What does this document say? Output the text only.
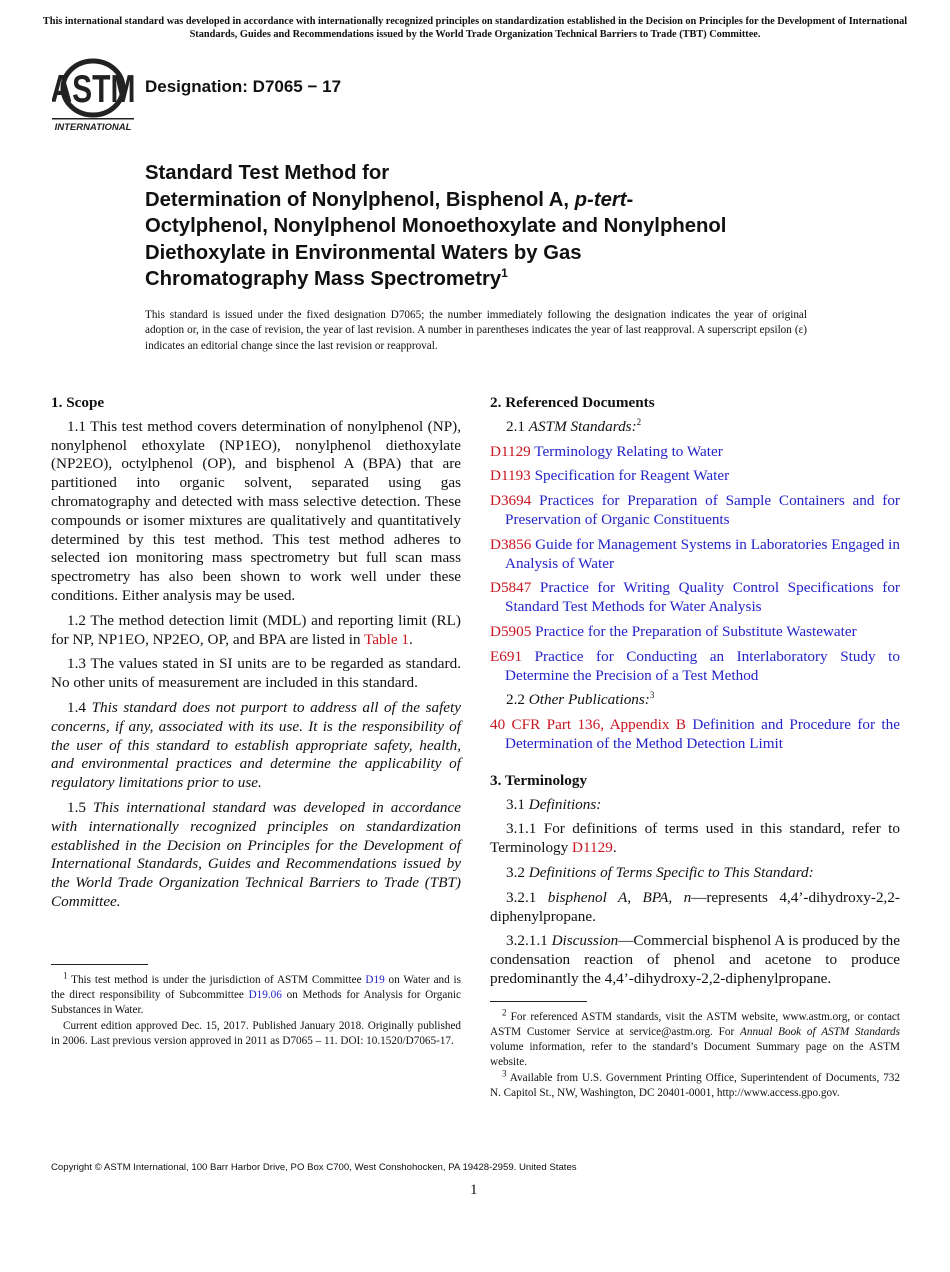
This international standard was developed in accordance with internationally recognized principles on standardization established in the Decision on Principles for the Development of International Standards, Guides and Recommendations issued by the World Trade Organization Technical Barriers to Trade (TBT) Committee.
ASTM
INTERNATIONAL
Designation: D7065 − 17
Standard Test Method for
Determination of Nonylphenol, Bisphenol A, p-tert-
Octylphenol, Nonylphenol Monoethoxylate and Nonylphenol
Diethoxylate in Environmental Waters by Gas
Chromatography Mass Spectrometry$^1$
This standard is issued under the fixed designation D7065; the number immediately following the designation indicates the year of original adoption or, in the case of revision, the year of last revision. A number in parentheses indicates the year of last reapproval. A superscript epsilon (ε) indicates an editorial change since the last revision or reapproval.
1. Scope

1.1 This test method covers determination of nonylphenol (NP), nonylphenol ethoxylate (NP1EO), nonylphenol diethoxylate (NP2EO), octylphenol (OP), and bisphenol A (BPA) that are partitioned into organic solvent, separated using gas chromatography and detected with mass selective detection. These compounds or isomer mixtures are qualitatively and quantitatively determined by this test method. This test method adheres to selected ion monitoring mass spectrometry but full scan mass spectrometry has also been shown to work well under these conditions. Either analysis may be used.

1.2 The method detection limit (MDL) and reporting limit (RL) for NP, NP1EO, NP2EO, OP, and BPA are listed in Table 1.

1.3 The values stated in SI units are to be regarded as standard. No other units of measurement are included in this standard.

1.4 This standard does not purport to address all of the safety concerns, if any, associated with its use. It is the responsibility of the user of this standard to establish appropriate safety, health, and environmental practices and determine the applicability of regulatory limitations prior to use.

1.5 This international standard was developed in accordance with internationally recognized principles on standardization established in the Decision on Principles for the Development of International Standards, Guides and Recommendations issued by the World Trade Organization Technical Barriers to Trade (TBT) Committee.

$^1$ This test method is under the jurisdiction of ASTM Committee D19 on Water and is the direct responsibility of Subcommittee D19.06 on Methods for Analysis for Organic Substances in Water.

Current edition approved Dec. 15, 2017. Published January 2018. Originally published in 2006. Last previous version approved in 2011 as D7065 – 11. DOI: 10.1520/D7065-17.

2. Referenced Documents

2.1 ASTM Standards:$^2$

D1129 Terminology Relating to Water

D1193 Specification for Reagent Water

D3694 Practices for Preparation of Sample Containers and for Preservation of Organic Constituents

D3856 Guide for Management Systems in Laboratories Engaged in Analysis of Water

D5847 Practice for Writing Quality Control Specifications for Standard Test Methods for Water Analysis

D5905 Practice for the Preparation of Substitute Wastewater

E691 Practice for Conducting an Interlaboratory Study to Determine the Precision of a Test Method

2.2 Other Publications:$^3$

40 CFR Part 136, Appendix B Definition and Procedure for the Determination of the Method Detection Limit

3. Terminology

3.1 Definitions:

3.1.1 For definitions of terms used in this standard, refer to Terminology D1129.

3.2 Definitions of Terms Specific to This Standard:

3.2.1 bisphenol A, BPA, n—represents 4,4’-dihydroxy-2,2-diphenylpropane.

3.2.1.1 Discussion—Commercial bisphenol A is produced by the condensation reaction of phenol and acetone to produce predominantly the 4,4’-dihydroxy-2,2-diphenylpropane.

$^2$ For referenced ASTM standards, visit the ASTM website, www.astm.org, or contact ASTM Customer Service at service@astm.org. For Annual Book of ASTM Standards volume information, refer to the standard’s Document Summary page on the ASTM website.

$^3$ Available from U.S. Government Printing Office, Superintendent of Documents, 732 N. Capitol St., NW, Washington, DC 20401-0001, http://www.access.gpo.gov.

Copyright © ASTM International, 100 Barr Harbor Drive, PO Box C700, West Conshohocken, PA 19428-2959. United States
1
